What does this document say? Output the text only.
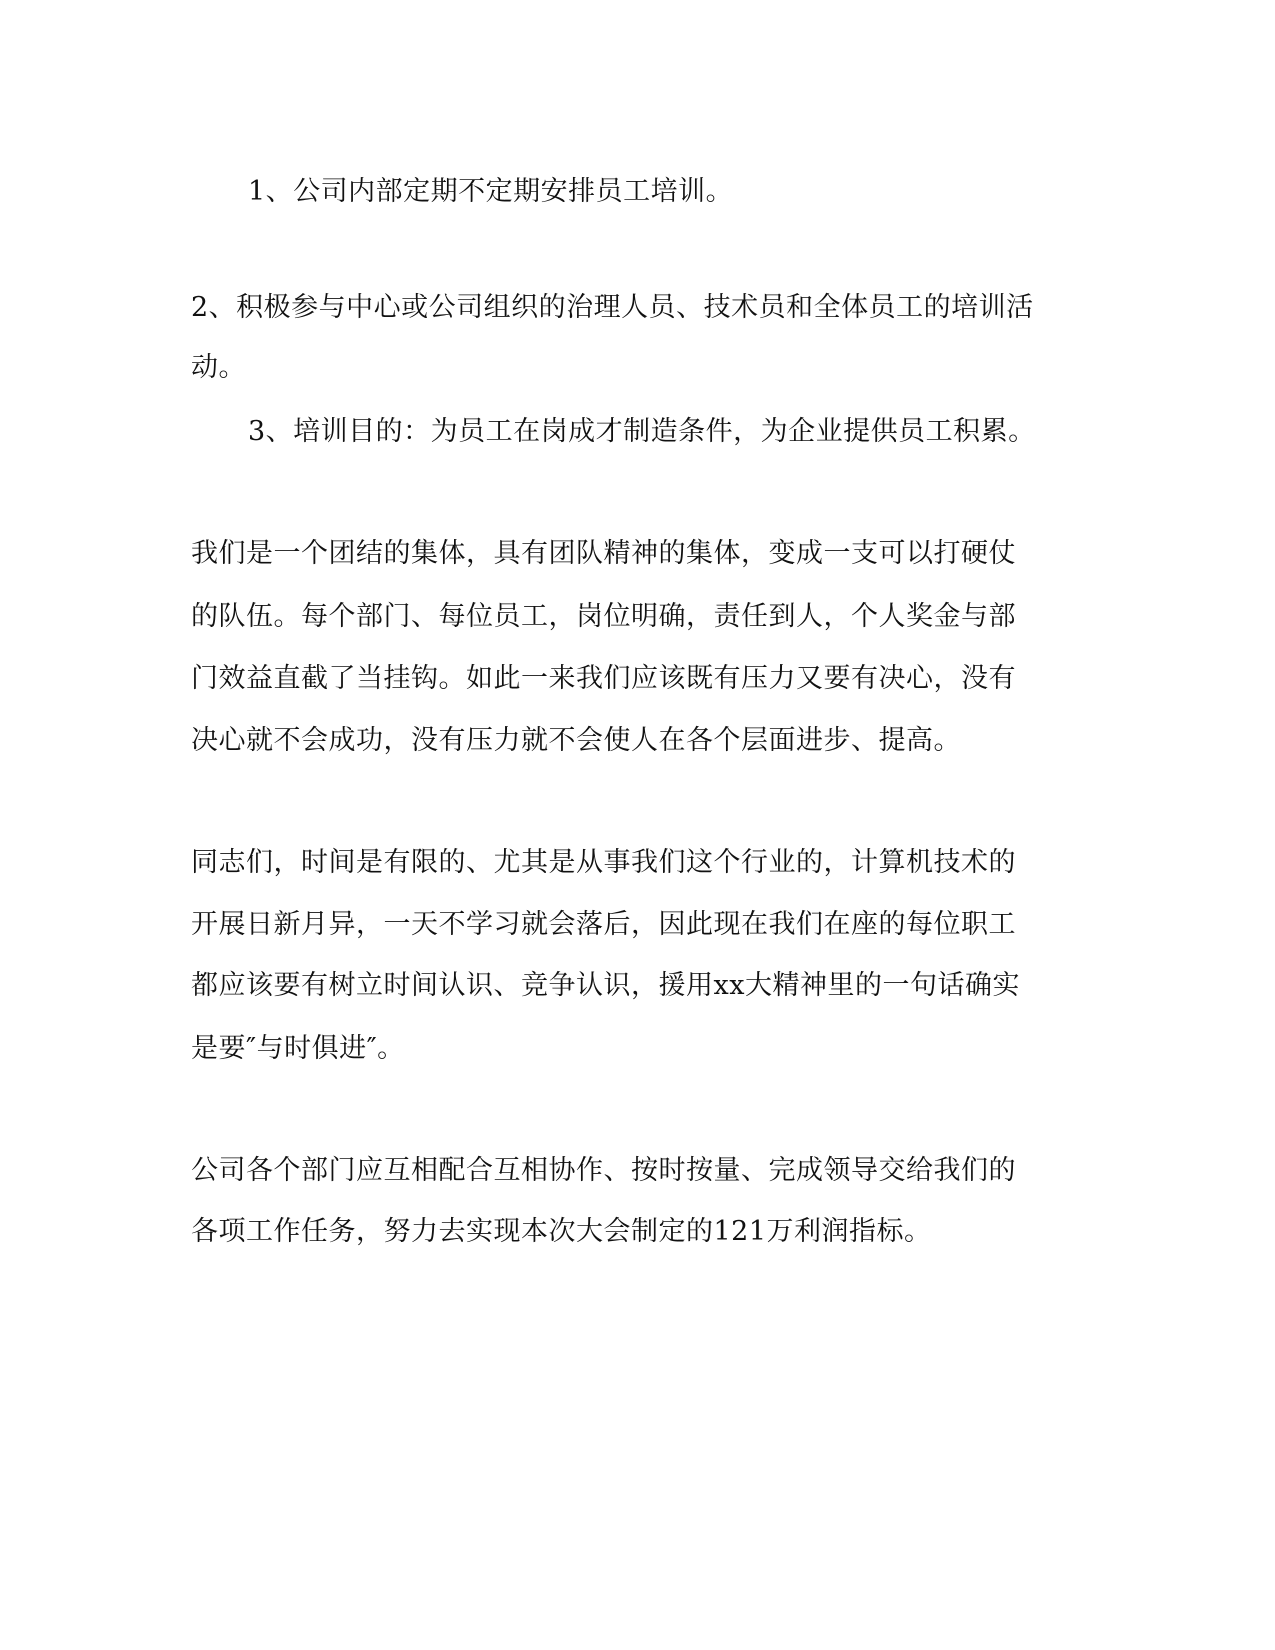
1、公司内部定期不定期安排员工培训。
2、积极参与中心或公司组织的治理人员、技术员和全体员工的培训活
动。
3、培训目的：为员工在岗成才制造条件，为企业提供员工积累。
我们是一个团结的集体，具有团队精神的集体，变成一支可以打硬仗
的队伍。每个部门、每位员工，岗位明确，责任到人，个人奖金与部
门效益直截了当挂钩。如此一来我们应该既有压力又要有决心，没有
决心就不会成功，没有压力就不会使人在各个层面进步、提高。
同志们，时间是有限的、尤其是从事我们这个行业的，计算机技术的
开展日新月异，一天不学习就会落后，因此现在我们在座的每位职工
都应该要有树立时间认识、竞争认识，援用xx大精神里的一句话确实
是要″与时俱进″。
公司各个部门应互相配合互相协作、按时按量、完成领导交给我们的
各项工作任务，努力去实现本次大会制定的121万利润指标。
